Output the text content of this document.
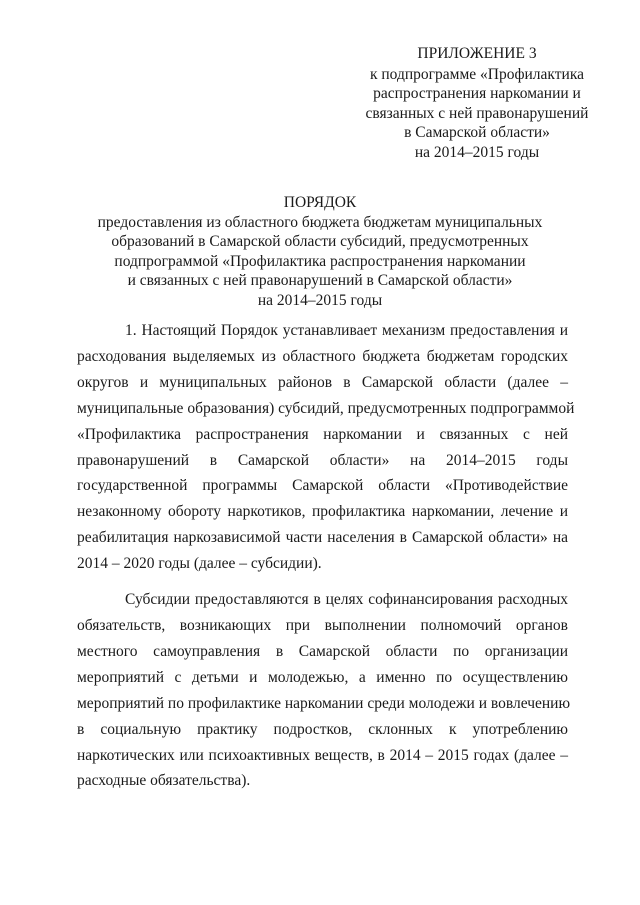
ПРИЛОЖЕНИЕ 3
к подпрограмме «Профилактика
распространения наркомании и
связанных с ней правонарушений
в Самарской области»
на 2014–2015 годы
ПОРЯДОК
предоставления из областного бюджета бюджетам муниципальных
образований в Самарской области субсидий, предусмотренных
подпрограммой «Профилактика распространения наркомании
и связанных с ней правонарушений в Самарской области»
на 2014–2015 годы
1. Настоящий Порядок устанавливает механизм предоставления и
расходования выделяемых из областного бюджета бюджетам городских
округов и муниципальных районов в Самарской области (далее –
муниципальные образования) субсидий, предусмотренных подпрограммой
«Профилактика распространения наркомании и связанных с ней
правонарушений в Самарской области» на 2014–2015 годы
государственной программы Самарской области «Противодействие
незаконному обороту наркотиков, профилактика наркомании, лечение и
реабилитация наркозависимой части населения в Самарской области» на
2014 – 2020 годы (далее – субсидии).
Субсидии предоставляются в целях софинансирования расходных
обязательств, возникающих при выполнении полномочий органов
местного самоуправления в Самарской области по организации
мероприятий с детьми и молодежью, а именно по осуществлению
мероприятий по профилактике наркомании среди молодежи и вовлечению
в социальную практику подростков, склонных к употреблению
наркотических или психоактивных веществ, в 2014 – 2015 годах (далее –
расходные обязательства).
